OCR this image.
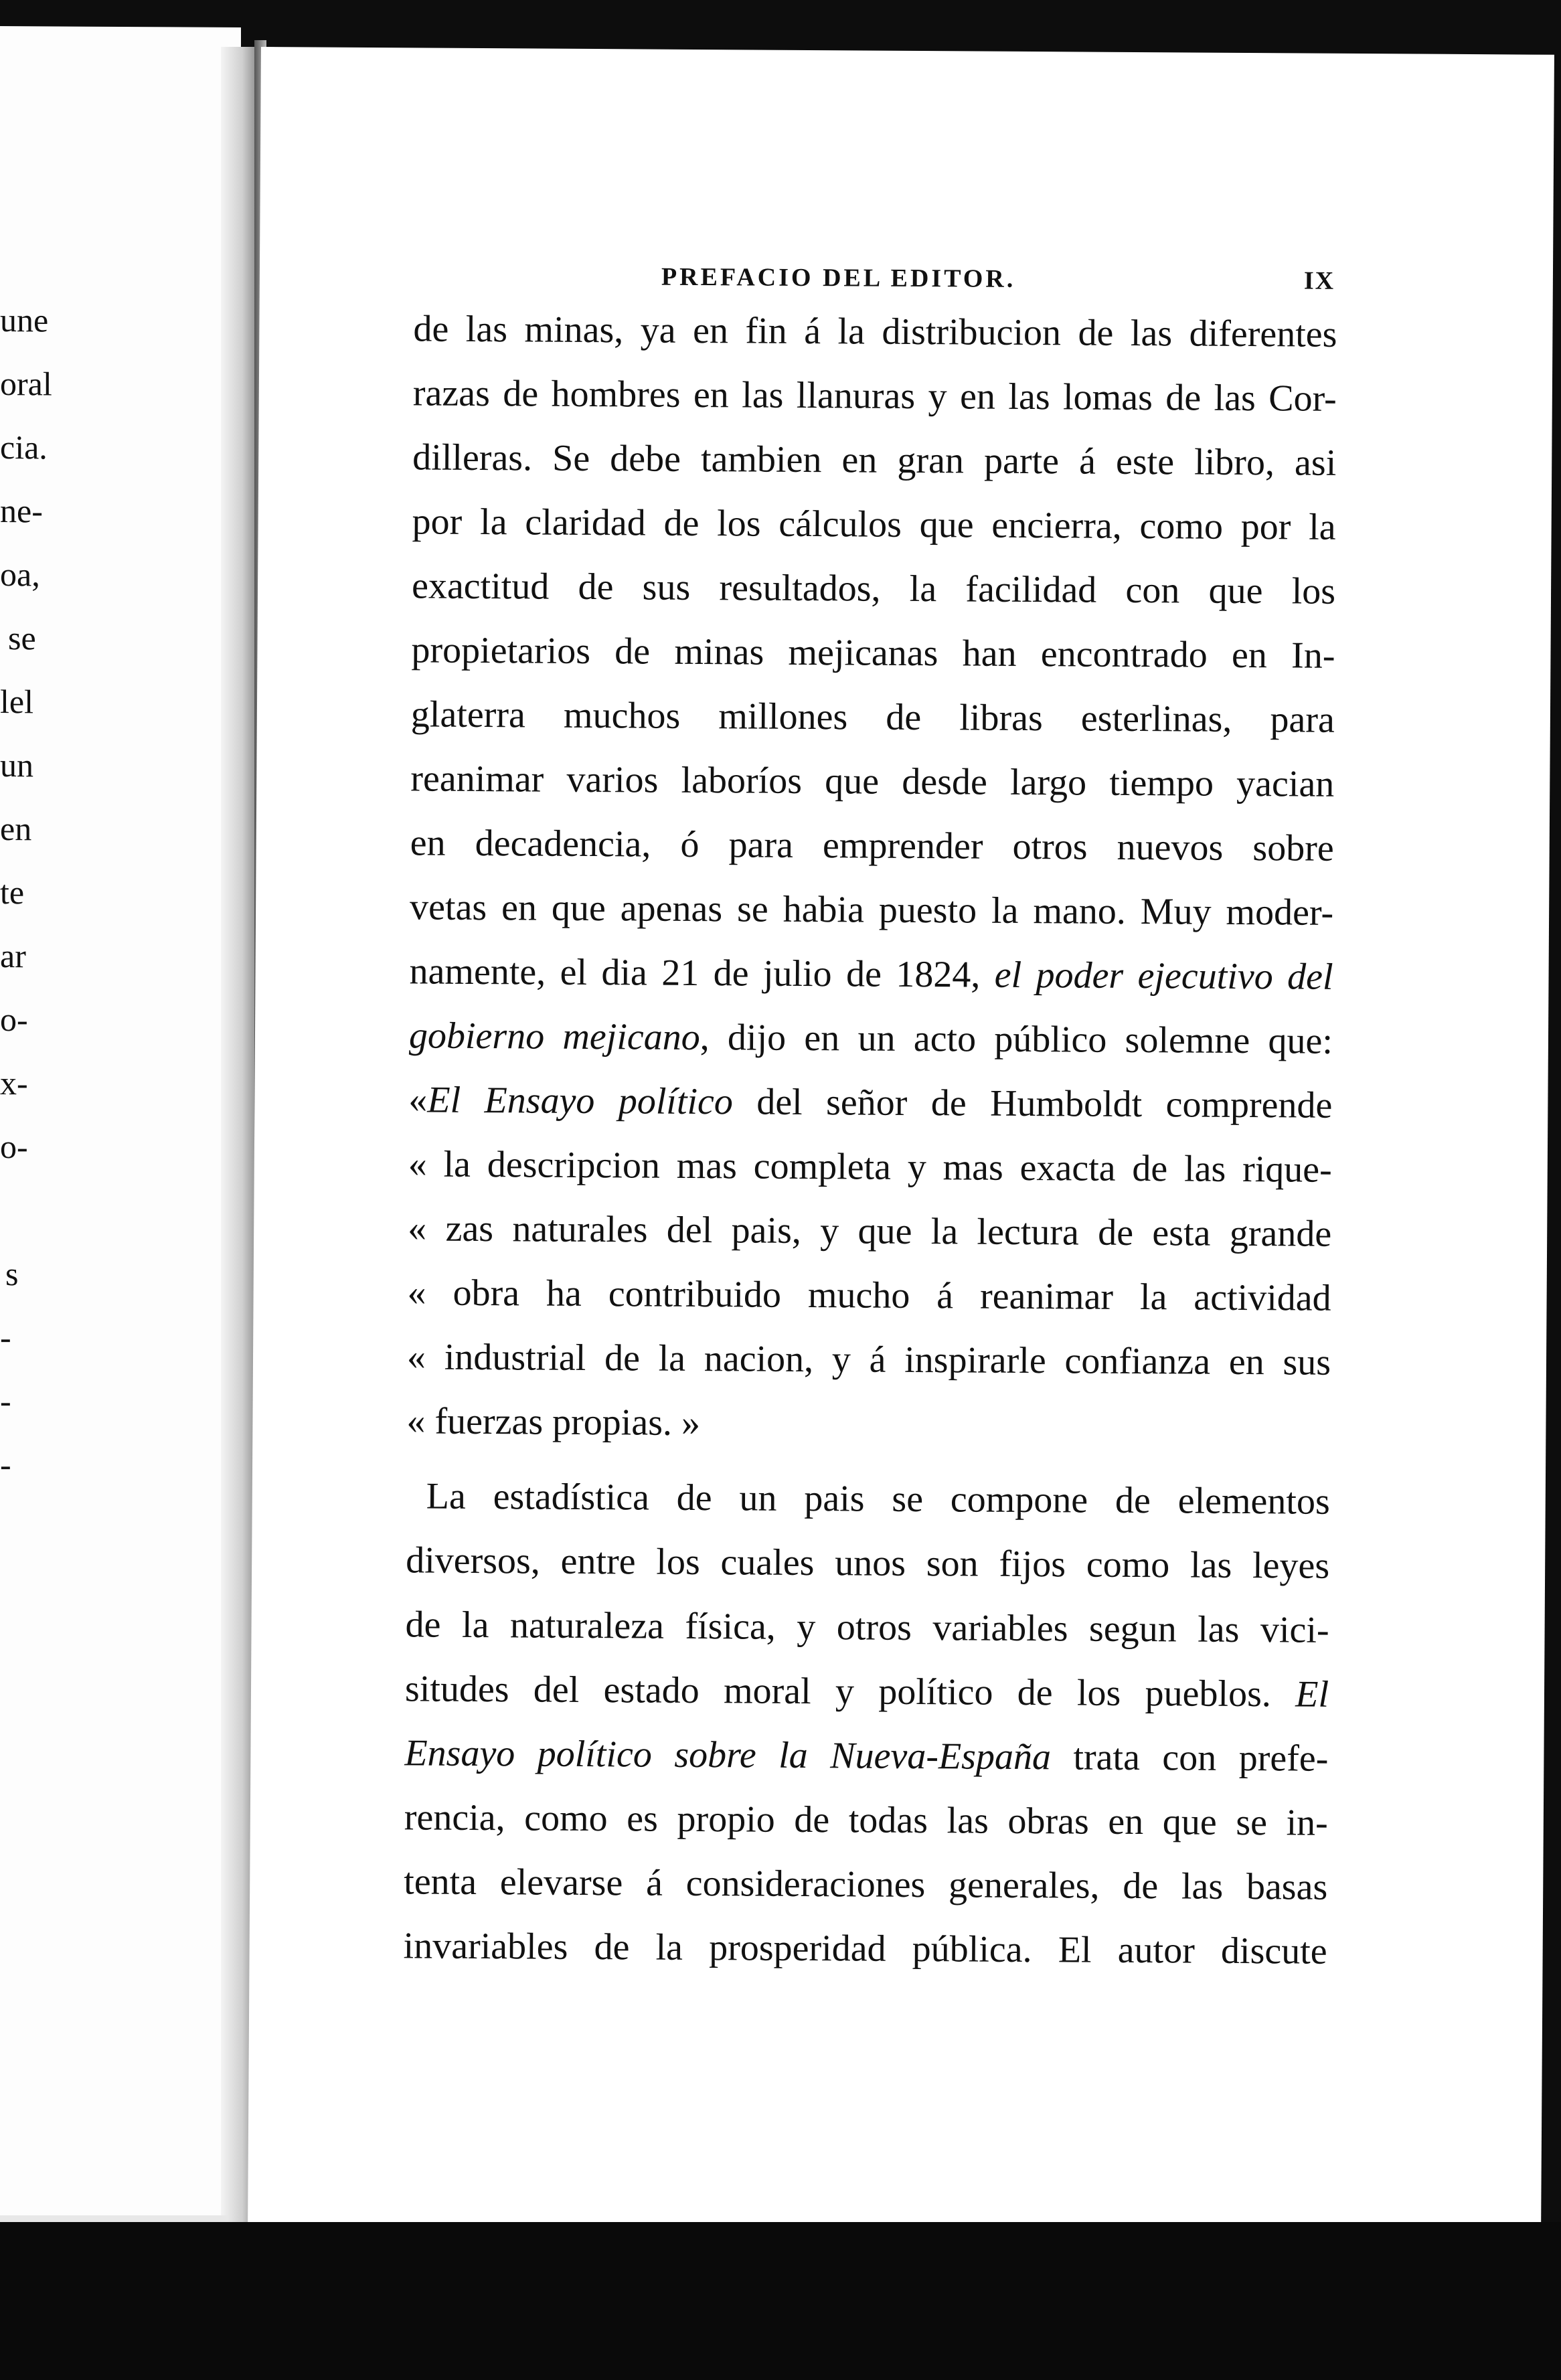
une
oral
cia.
ne-
oa,
se
lel
un
en
te
ar
o-
x-
o-
s
-
-
-
PREFACIO DEL EDITOR.	IX
de las minas, ya en fin á la distribucion de las diferentes
razas de hombres en las llanuras y en las lomas de las Cor-
dilleras. Se debe tambien en gran parte á este libro, asi
por la claridad de los cálculos que encierra, como por la
exactitud de sus resultados, la facilidad con que los
propietarios de minas mejicanas han encontrado en In-
glaterra muchos millones de libras esterlinas, para
reanimar varios laboríos que desde largo tiempo yacian
en decadencia, ó para emprender otros nuevos sobre
vetas en que apenas se habia puesto la mano. Muy moder-
namente, el dia 21 de julio de 1824, el poder ejecutivo del
gobierno mejicano, dijo en un acto público solemne que:
«El Ensayo político del señor de Humboldt comprende
« la descripcion mas completa y mas exacta de las rique-
« zas naturales del pais, y que la lectura de esta grande
« obra ha contribuido mucho á reanimar la actividad
« industrial de la nacion, y á inspirarle confianza en sus
« fuerzas propias. »
La estadística de un pais se compone de elementos
diversos, entre los cuales unos son fijos como las leyes
de la naturaleza física, y otros variables segun las vici-
situdes del estado moral y político de los pueblos. El
Ensayo político sobre la Nueva-España trata con prefe-
rencia, como es propio de todas las obras en que se in-
tenta elevarse á consideraciones generales, de las basas
invariables de la prosperidad pública. El autor discute
